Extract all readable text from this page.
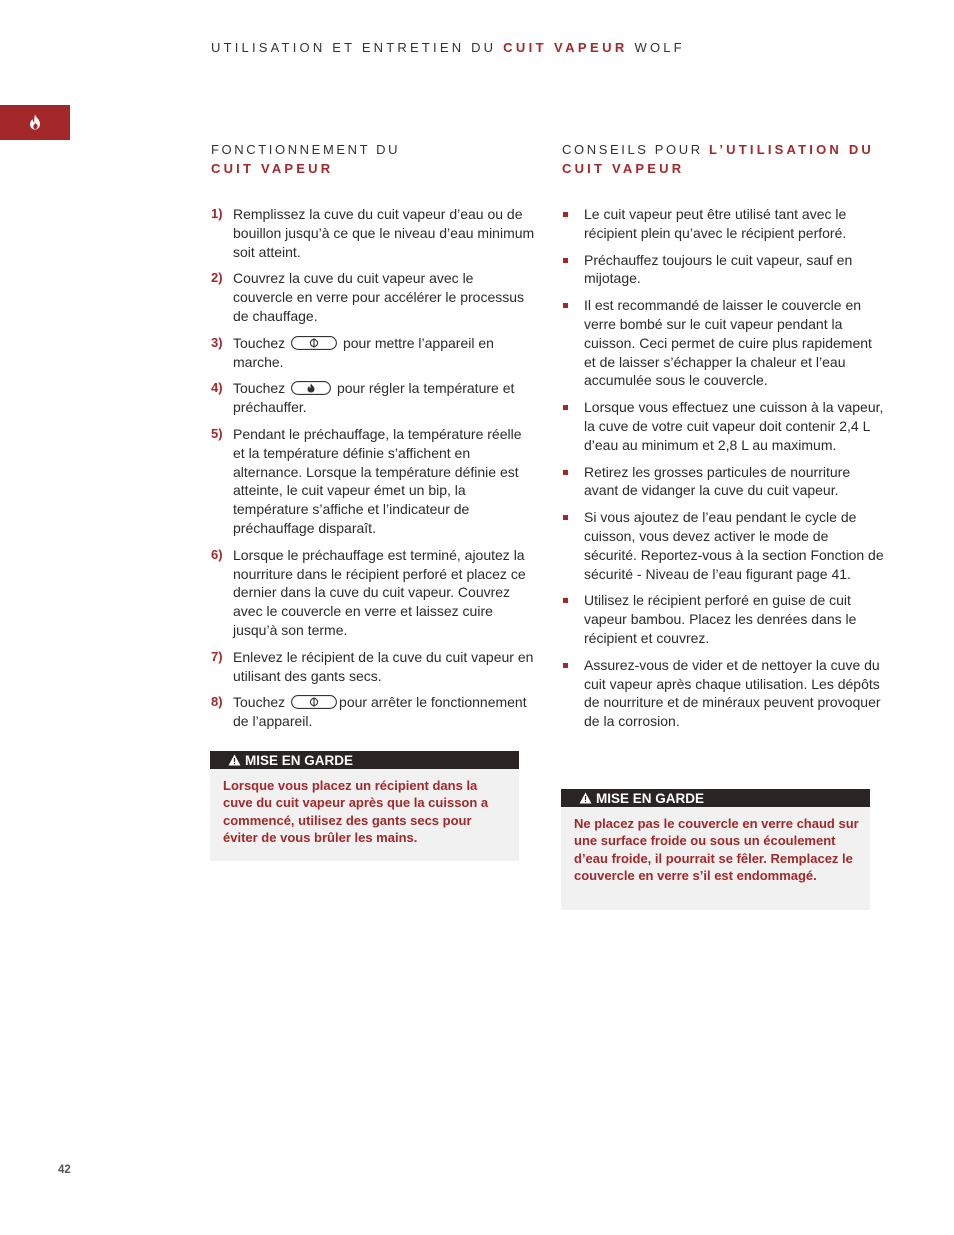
UTILISATION ET ENTRETIEN DU CUIT VAPEUR WOLF
FONCTIONNEMENT DU
CUIT VAPEUR
1) Remplissez la cuve du cuit vapeur d’eau ou de bouillon jusqu’à ce que le niveau d’eau minimum soit atteint.
2) Couvrez la cuve du cuit vapeur avec le couvercle en verre pour accélérer le processus de chauffage.
3) Touchez	pour mettre l’appareil en marche.
4) Touchez	pour régler la température et préchauffer.
5) Pendant le préchauffage, la température réelle et la température définie s’affichent en alternance. Lorsque la température définie est atteinte, le cuit vapeur émet un bip, la température s’affiche et l’indicateur de préchauffage disparaît.
6) Lorsque le préchauffage est terminé, ajoutez la nourriture dans le récipient perforé et placez ce dernier dans la cuve du cuit vapeur. Couvrez avec le couvercle en verre et laissez cuire jusqu’à son terme.
7) Enlevez le récipient de la cuve du cuit vapeur en utilisant des gants secs.
8) Touchez	pour arrêter le fonctionnement de l’appareil.
MISE EN GARDE
Lorsque vous placez un récipient dans la cuve du cuit vapeur après que la cuisson a commencé, utilisez des gants secs pour éviter de vous brûler les mains.
CONSEILS POUR L’UTILISATION DU
CUIT VAPEUR
Le cuit vapeur peut être utilisé tant avec le récipient plein qu’avec le récipient perforé.
Préchauffez toujours le cuit vapeur, sauf en mijotage.
Il est recommandé de laisser le couvercle en verre bombé sur le cuit vapeur pendant la cuisson. Ceci permet de cuire plus rapidement et de laisser s’échapper la chaleur et l’eau accumulée sous le couvercle.
Lorsque vous effectuez une cuisson à la vapeur, la cuve de votre cuit vapeur doit contenir 2,4 L d’eau au minimum et 2,8 L au maximum.
Retirez les grosses particules de nourriture avant de vidanger la cuve du cuit vapeur.
Si vous ajoutez de l’eau pendant le cycle de cuisson, vous devez activer le mode de sécurité. Reportez-vous à la section Fonction de sécurité - Niveau de l’eau figurant page 41.
Utilisez le récipient perforé en guise de cuit vapeur bambou. Placez les denrées dans le récipient et couvrez.
Assurez-vous de vider et de nettoyer la cuve du cuit vapeur après chaque utilisation. Les dépôts de nourriture et de minéraux peuvent provoquer de la corrosion.
MISE EN GARDE
Ne placez pas le couvercle en verre chaud sur une surface froide ou sous un écoulement d’eau froide, il pourrait se fêler. Remplacez le couvercle en verre s’il est endommagé.
42
